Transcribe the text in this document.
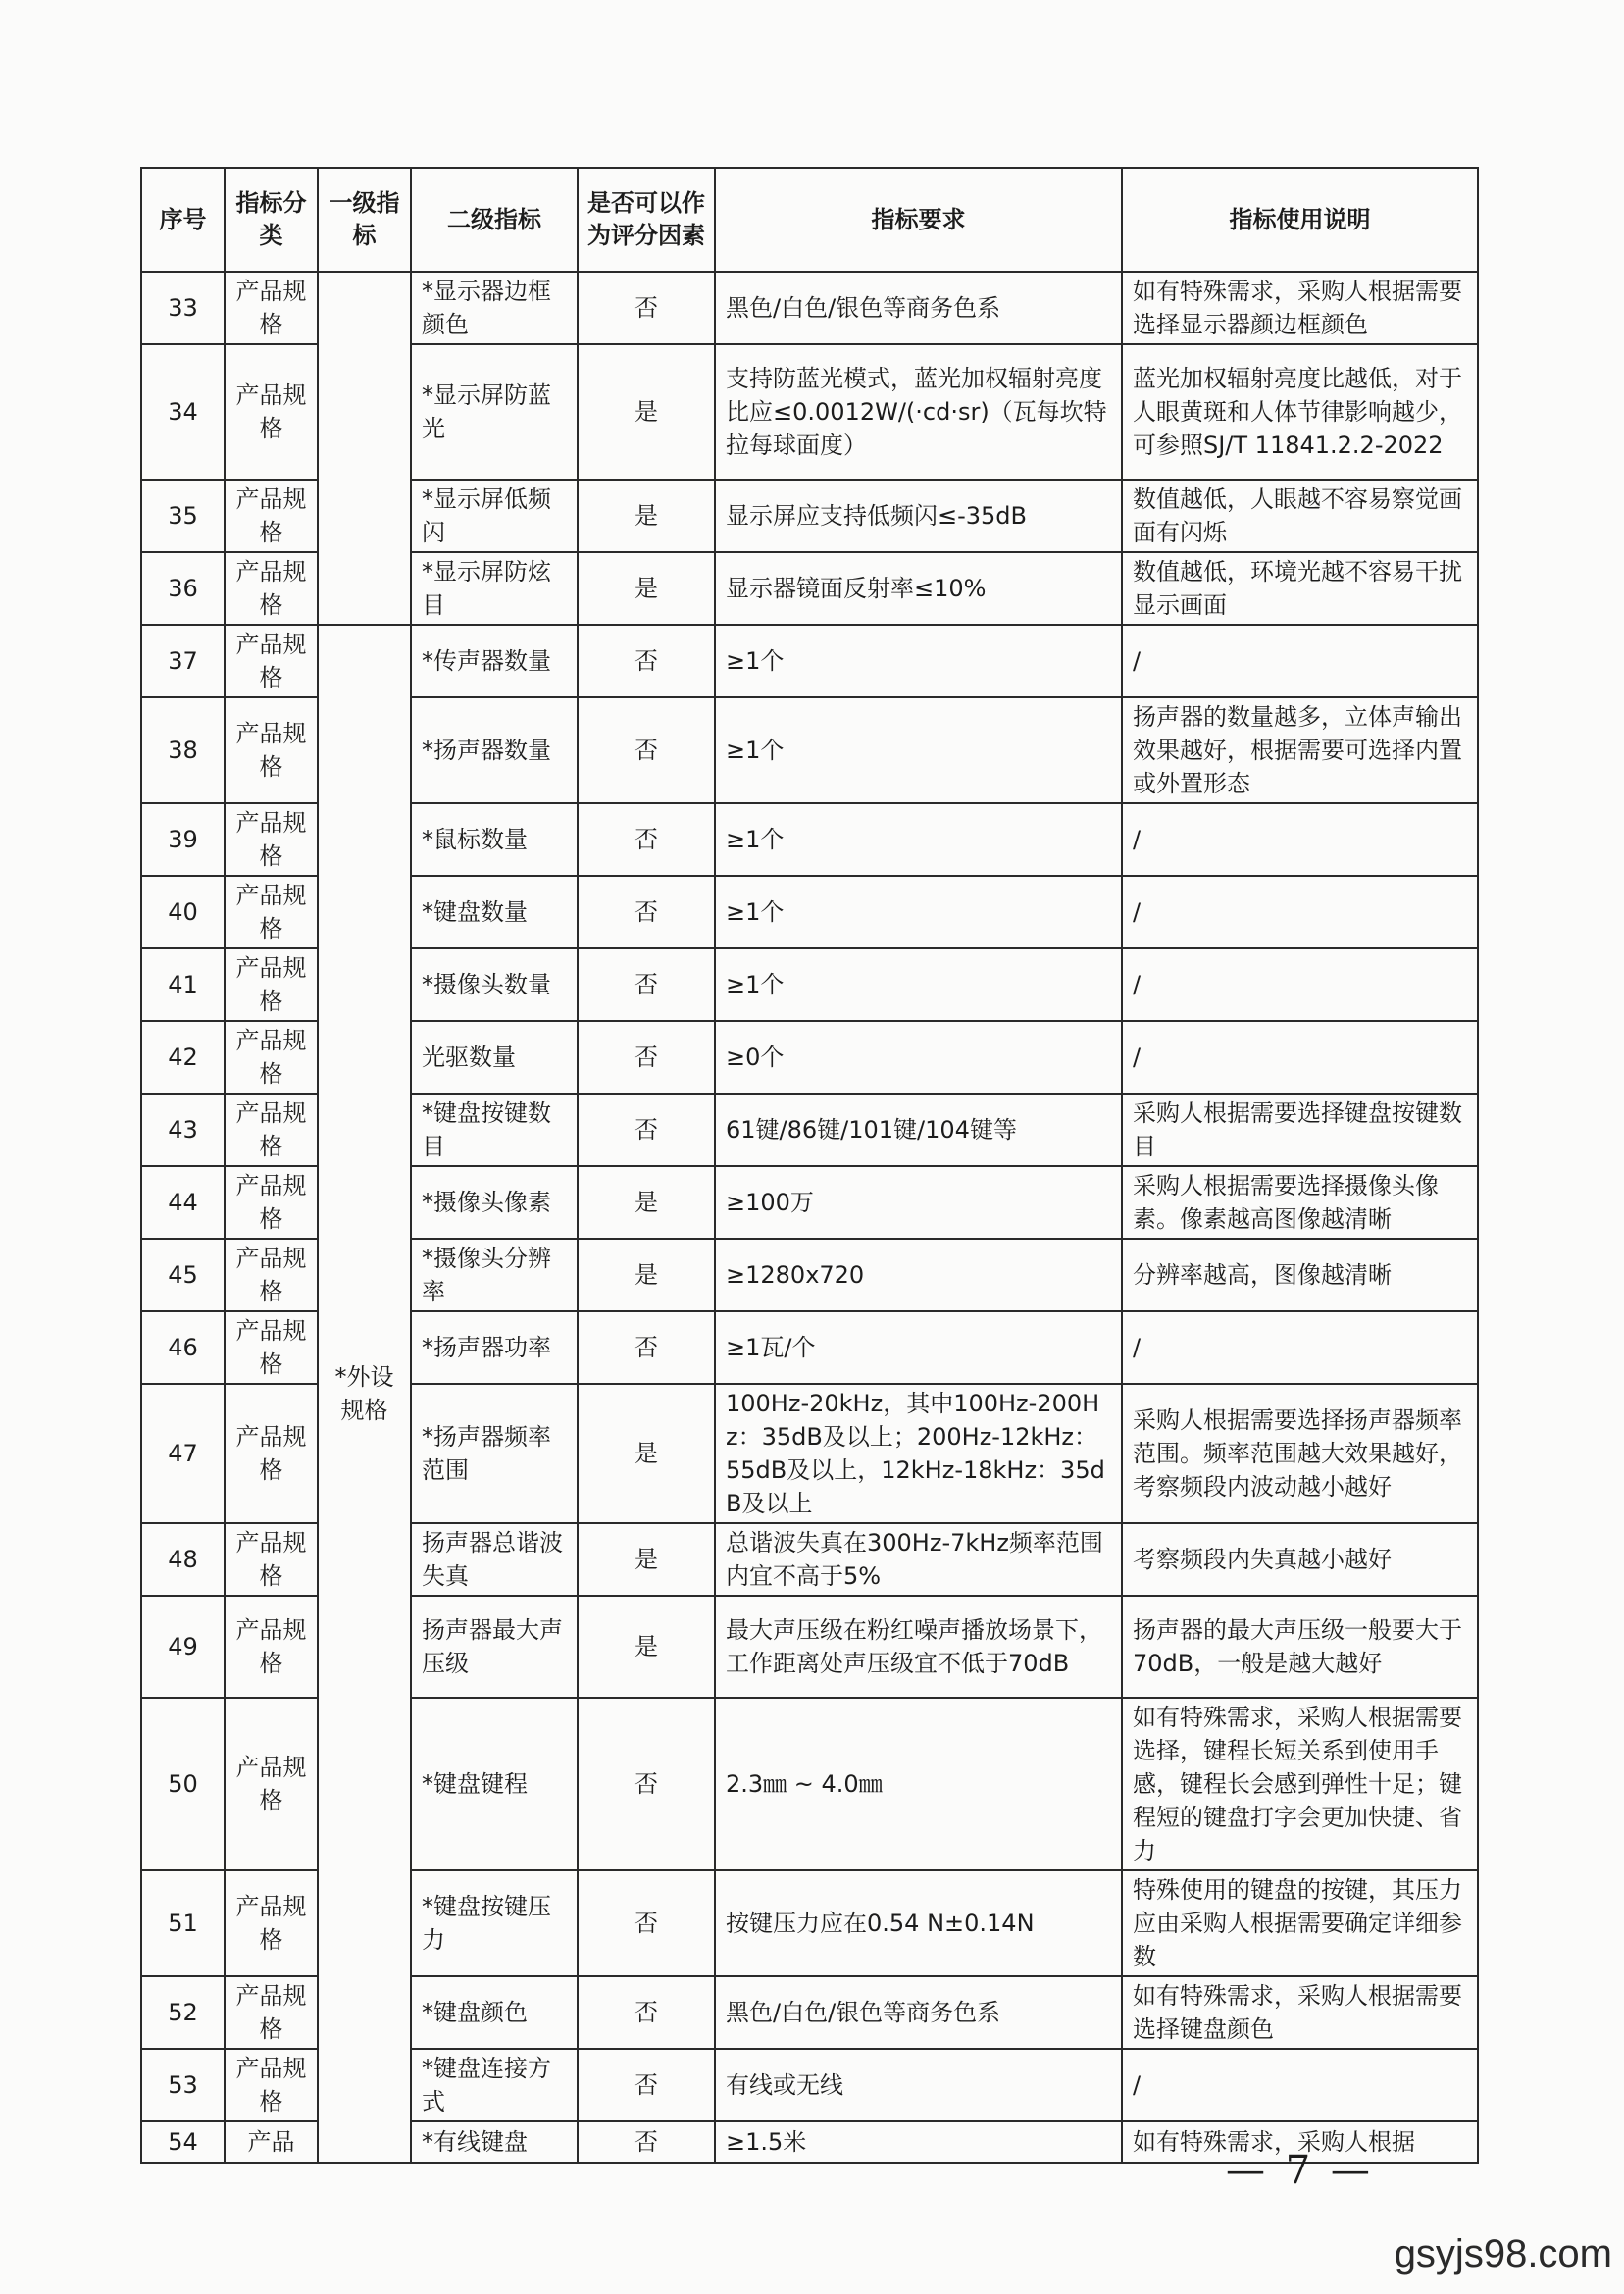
序号	指标分类	一级指标	二级指标	是否可以作为评分因素	指标要求	指标使用说明
33	产品规格		*显示器边框颜色	否	黑色/白色/银色等商务色系	如有特殊需求，采购人根据需要选择显示器颜边框颜色
34	产品规格		*显示屏防蓝光	是	支持防蓝光模式，蓝光加权辐射亮度比应≤0.0012W/(·cd·sr)（瓦每坎特拉每球面度）	蓝光加权辐射亮度比越低，对于人眼黄斑和人体节律影响越少，可参照SJ/T 11841.2.2-2022
35	产品规格		*显示屏低频闪	是	显示屏应支持低频闪≤-35dB	数值越低，人眼越不容易察觉画面有闪烁
36	产品规格		*显示屏防炫目	是	显示器镜面反射率≤10%	数值越低，环境光越不容易干扰显示画面
37	产品规格	*外设规格	*传声器数量	否	≥1个	/
38	产品规格		*扬声器数量	否	≥1个	扬声器的数量越多，立体声输出效果越好，根据需要可选择内置或外置形态
39	产品规格		*鼠标数量	否	≥1个	/
40	产品规格		*键盘数量	否	≥1个	/
41	产品规格		*摄像头数量	否	≥1个	/
42	产品规格		光驱数量	否	≥0个	/
43	产品规格		*键盘按键数目	否	61键/86键/101键/104键等	采购人根据需要选择键盘按键数目
44	产品规格		*摄像头像素	是	≥100万	采购人根据需要选择摄像头像素。像素越高图像越清晰
45	产品规格		*摄像头分辨率	是	≥1280x720	分辨率越高，图像越清晰
46	产品规格		*扬声器功率	否	≥1瓦/个	/
47	产品规格		*扬声器频率范围	是	100Hz-20kHz，其中100Hz-200Hz：35dB及以上；200Hz-12kHz：55dB及以上，12kHz-18kHz：35dB及以上	采购人根据需要选择扬声器频率范围。频率范围越大效果越好，考察频段内波动越小越好
48	产品规格		扬声器总谐波失真	是	总谐波失真在300Hz-7kHz频率范围内宜不高于5%	考察频段内失真越小越好
49	产品规格		扬声器最大声压级	是	最大声压级在粉红噪声播放场景下，工作距离处声压级宜不低于70dB	扬声器的最大声压级一般要大于70dB，一般是越大越好
50	产品规格		*键盘键程	否	2.3㎜ ~ 4.0㎜	如有特殊需求，采购人根据需要选择，键程长短关系到使用手感，键程长会感到弹性十足；键程短的键盘打字会更加快捷、省力
51	产品规格		*键盘按键压力	否	按键压力应在0.54 N±0.14N	特殊使用的键盘的按键，其压力应由采购人根据需要确定详细参数
52	产品规格		*键盘颜色	否	黑色/白色/银色等商务色系	如有特殊需求，采购人根据需要选择键盘颜色
53	产品规格		*键盘连接方式	否	有线或无线	/
54	产品		*有线键盘	否	≥1.5米	如有特殊需求，采购人根据
— 7 —
gsyjs98.com
